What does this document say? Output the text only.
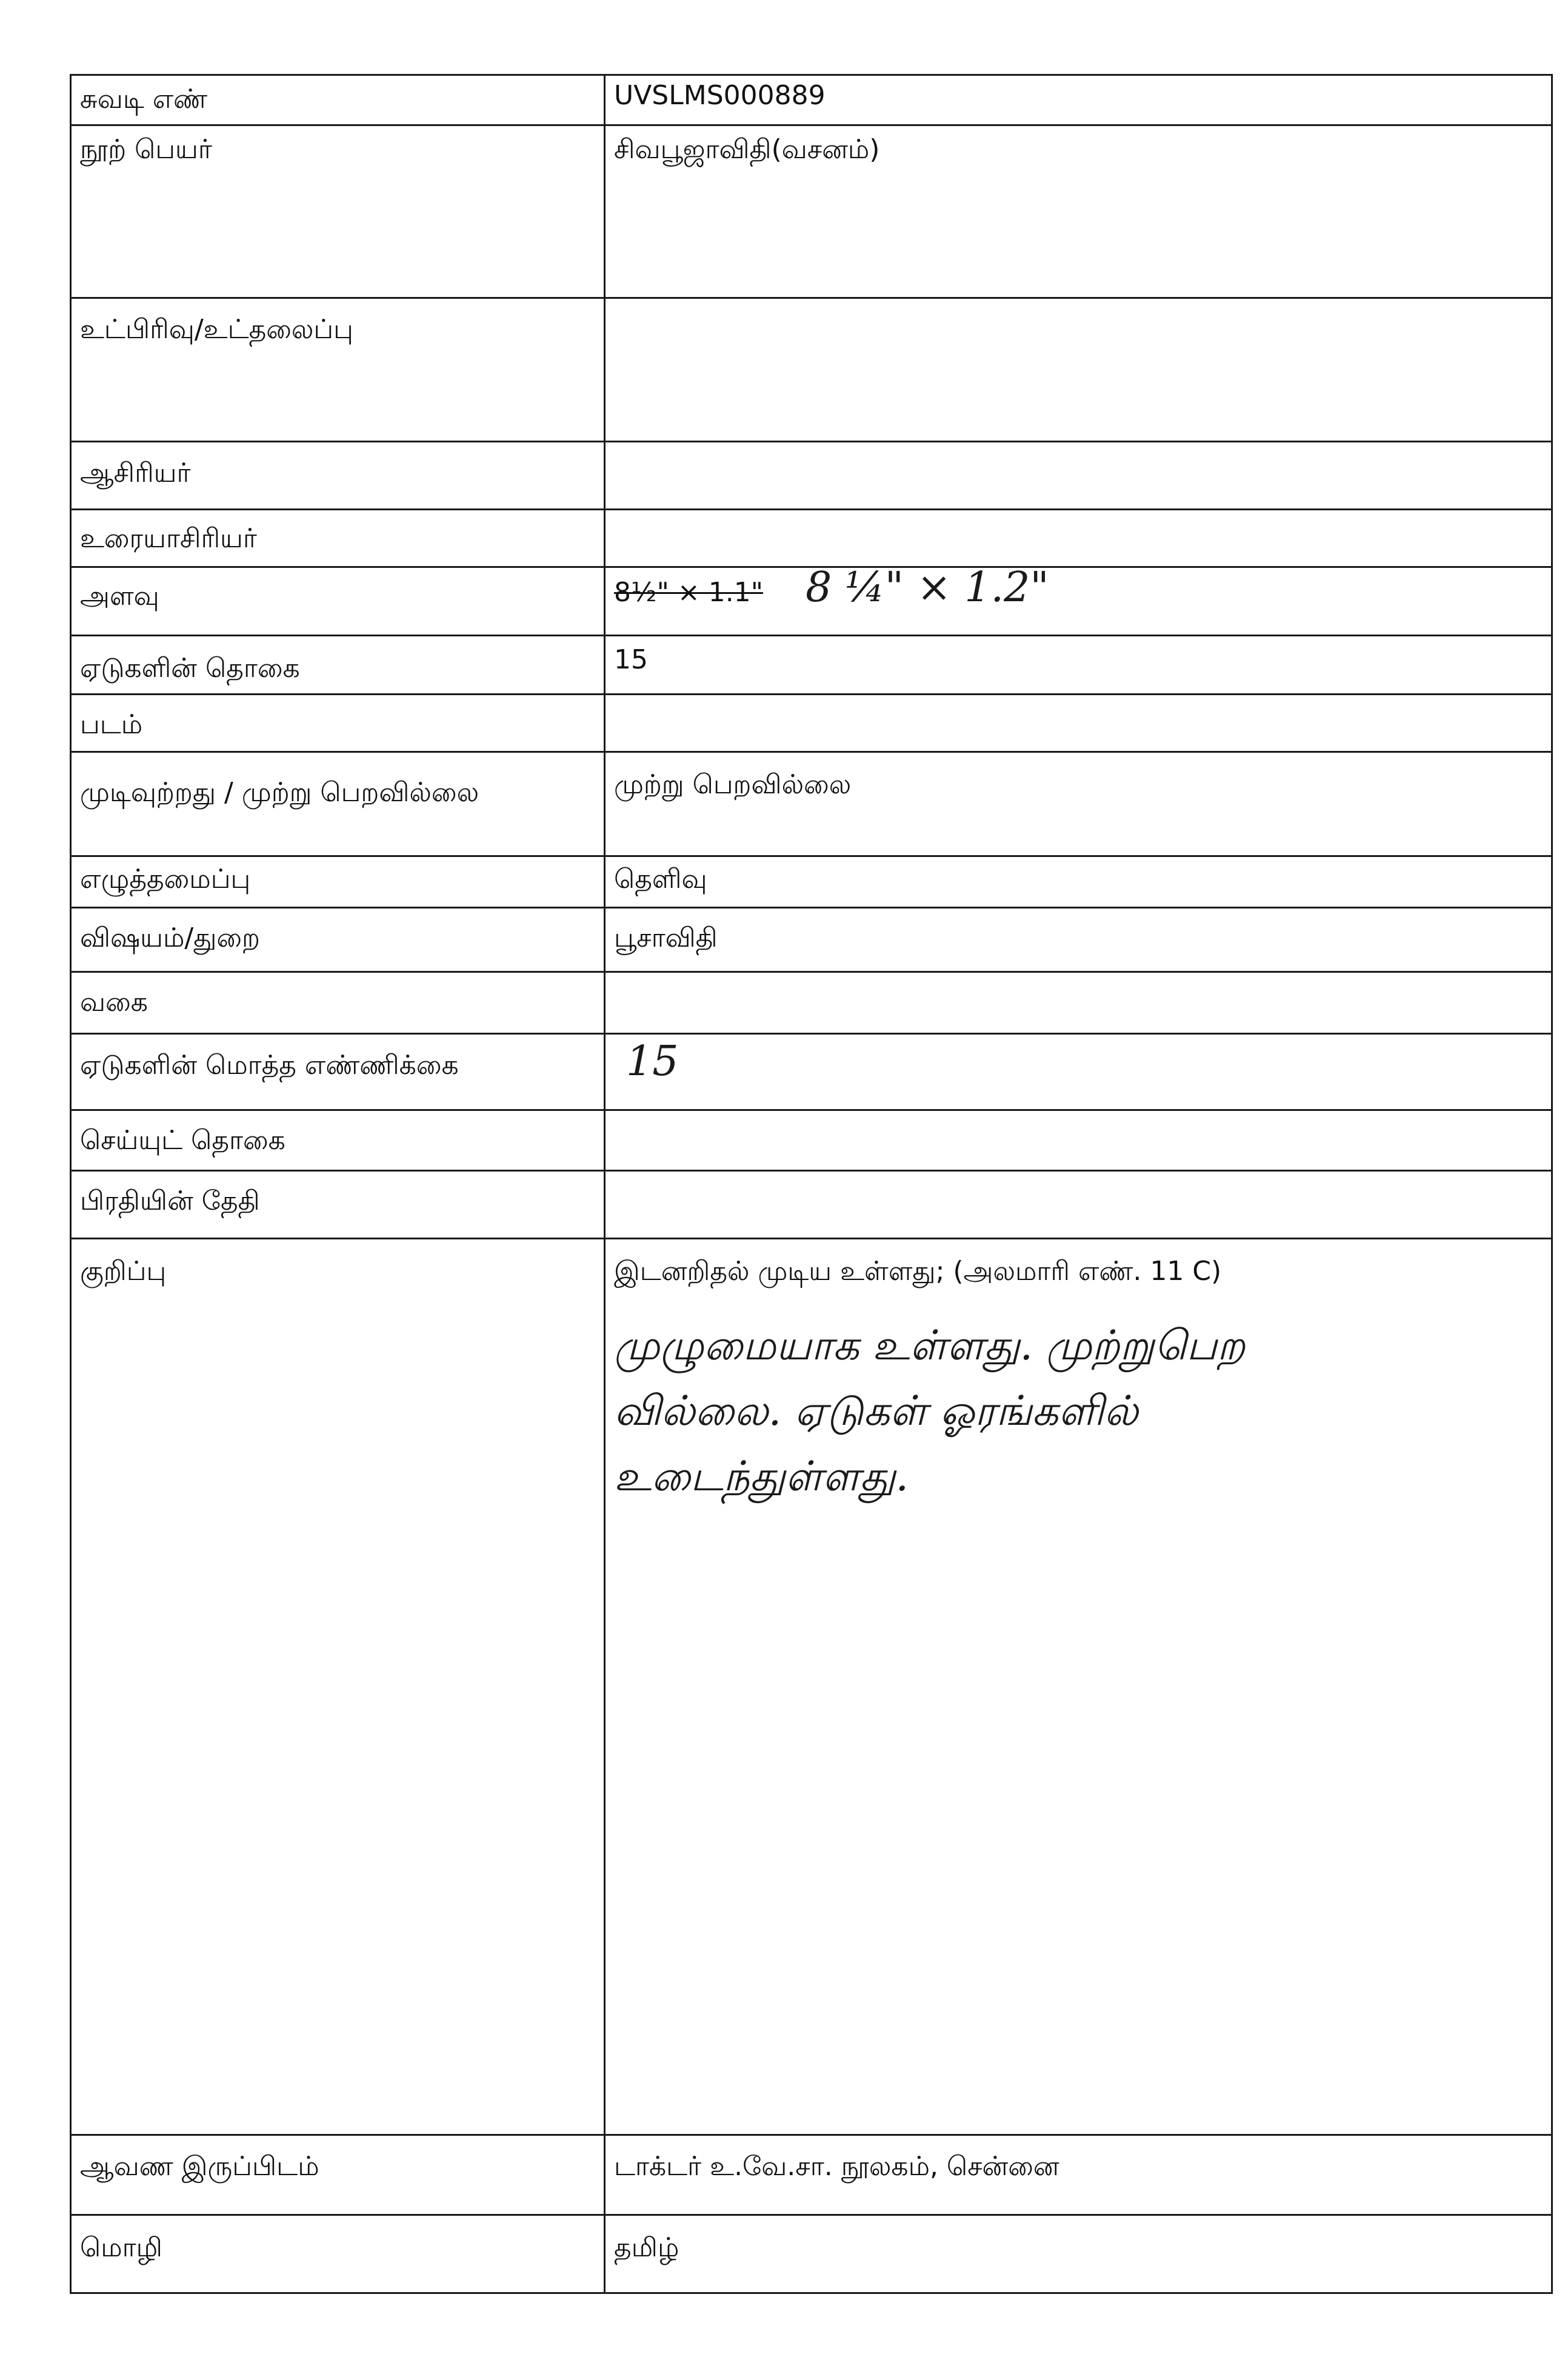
சுவடி எண்	UVSLMS000889
நூற் பெயர்	சிவபூஜாவிதி(வசனம்)
உட்பிரிவு/உட்தலைப்பு	
ஆசிரியர்	
உரையாசிரியர்	
அளவு	8½" × 1.1" 8 ¼" × 1.2"
ஏடுகளின் தொகை	15
படம்	
முடிவுற்றது / முற்று பெறவில்லை	முற்று பெறவில்லை
எழுத்தமைப்பு	தெளிவு
விஷயம்/துறை	பூசாவிதி
வகை	
ஏடுகளின் மொத்த எண்ணிக்கை	15
செய்யுட் தொகை	
பிரதியின் தேதி	
குறிப்பு	இடனறிதல் முடிய உள்ளது; (அலமாரி எண். 11 C)
முழுமையாக உள்ளது. முற்றுபெற
வில்லை. ஏடுகள் ஓரங்களில்
உடைந்துள்ளது.

ஆவண இருப்பிடம்	டாக்டர் உ.வே.சா. நூலகம், சென்னை
மொழி	தமிழ்
